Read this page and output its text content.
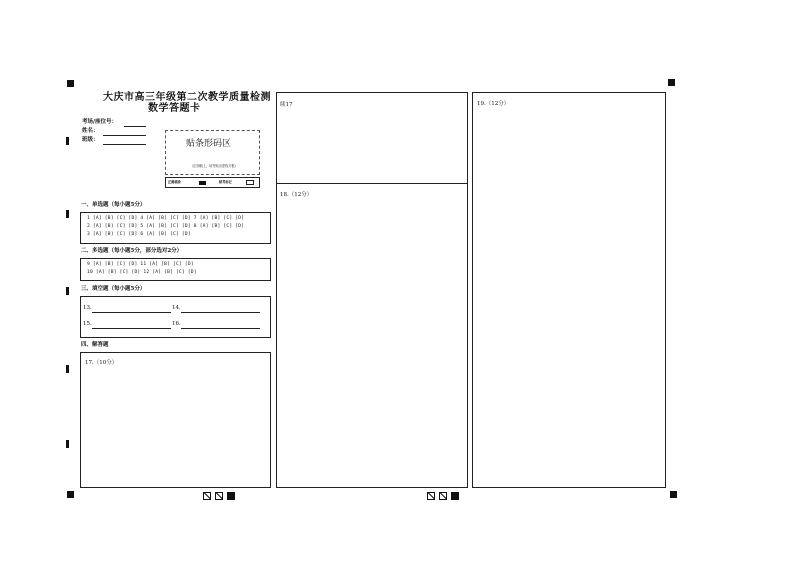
大庆市高三年级第二次教学质量检测
数学答题卡
考场/座位号：
姓名：
班级：	贴条形码区
（正面朝上，切勿贴出虚线方框）
正确填涂	缺考标记
一、单选题（每小题5分）
1 [A] [B] [C] [D] 4 [A] [B] [C] [D] 7 [A] [B] [C] [D]
2 [A] [B] [C] [D] 5 [A] [B] [C] [D] 8 [A] [B] [C] [D]
3 [A] [B] [C] [D] 6 [A] [B] [C] [D]
二、多选题（每小题5分，部分选对2分）
9 [A] [B] [C] [D] 11 [A] [B] [C] [D]
10 [A] [B] [C] [D] 12 [A] [B] [C] [D]
三、填空题（每小题5分）
13.	14.
15.	16.
四、解答题
17.（10分）
续17
18.（12分）
19.（12分）
